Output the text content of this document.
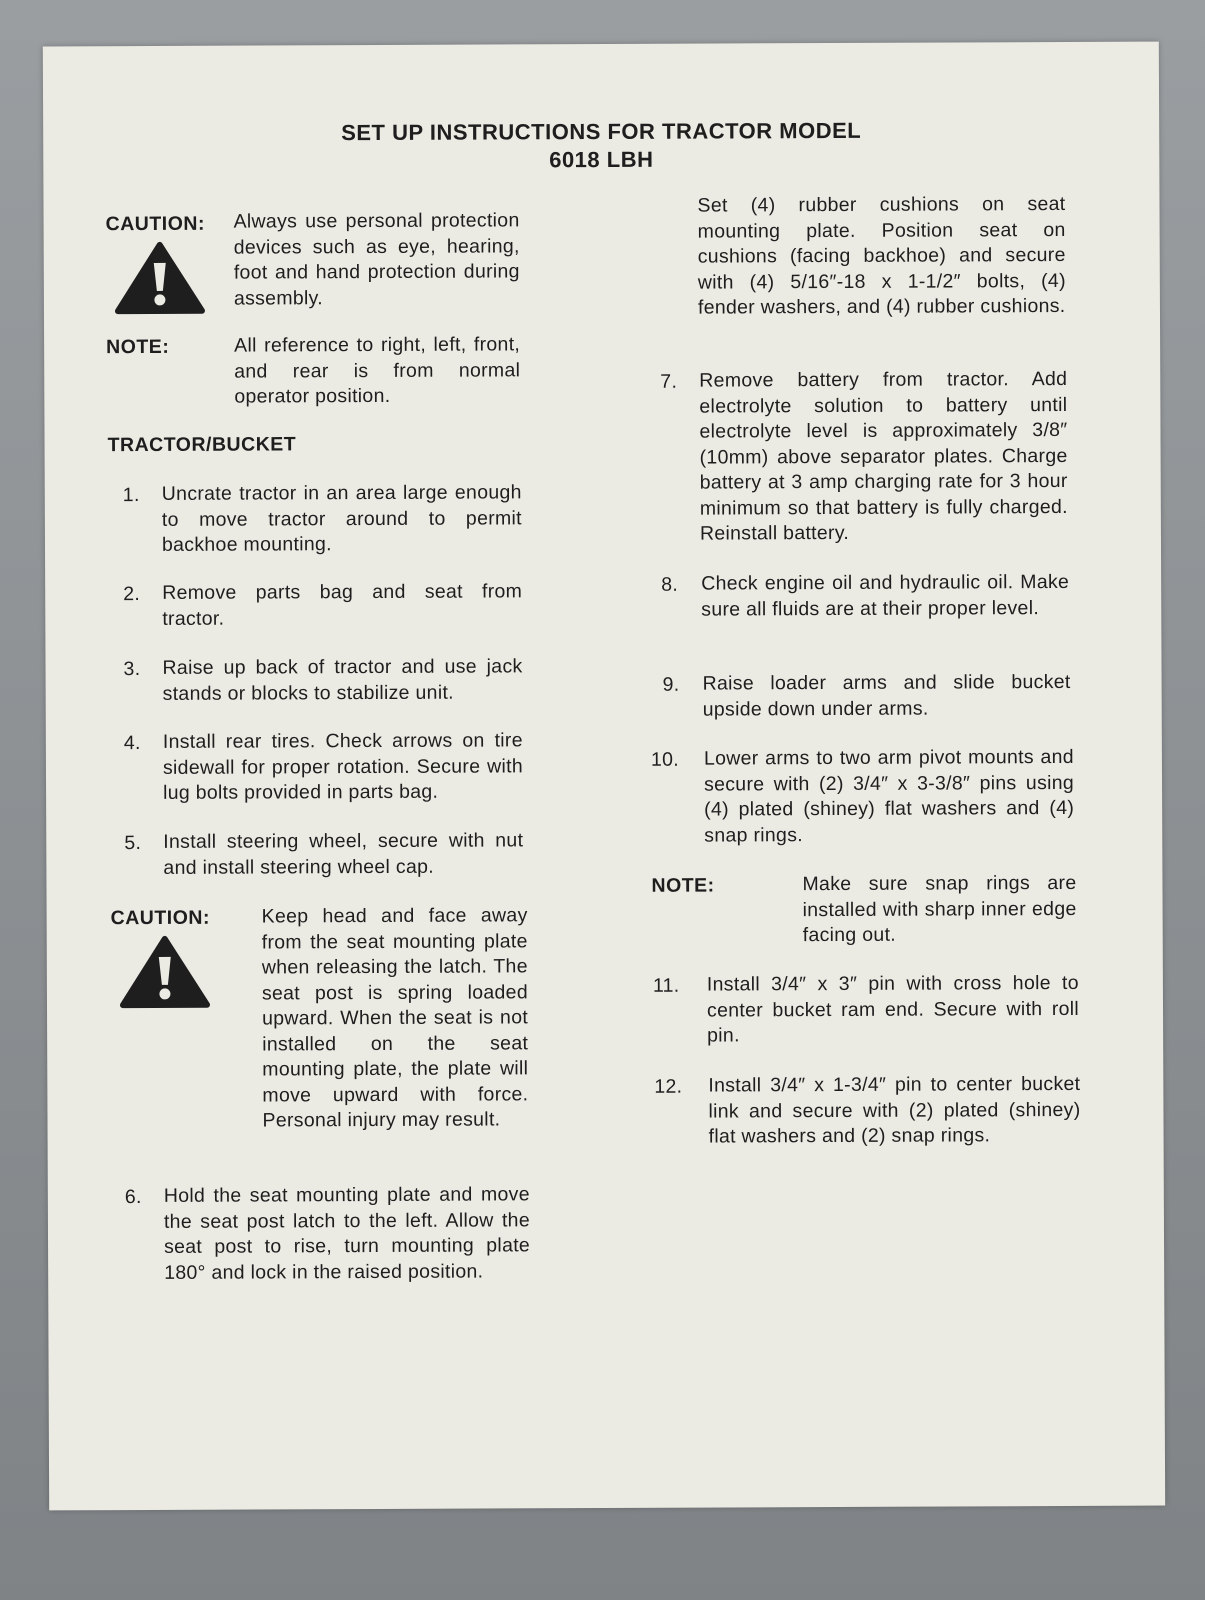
SET UP INSTRUCTIONS FOR TRACTOR MODEL
6018 LBH
CAUTION: Always use personal protection devices such as eye, hearing, foot and hand protection during assembly.
NOTE:	All reference to right, left, front, and rear is from normal operator position.
TRACTOR/BUCKET
1. Uncrate tractor in an area large enough to move tractor around to permit backhoe mounting.
2. Remove parts bag and seat from tractor.
3. Raise up back of tractor and use jack stands or blocks to stabilize unit.
4. Install rear tires. Check arrows on tire sidewall for proper rotation. Secure with lug bolts provided in parts bag.
5. Install steering wheel, secure with nut and install steering wheel cap.
CAUTION:	Keep head and face away from the seat mounting plate when releasing the latch. The seat post is spring loaded upward. When the seat is not installed on the seat mounting plate, the plate will move upward with force. Personal injury may result.
6. Hold the seat mounting plate and move the seat post latch to the left. Allow the seat post to rise, turn mounting plate 180° and lock in the raised position.
Set (4) rubber cushions on seat mounting plate. Position seat on cushions (facing backhoe) and secure with (4) 5/16″-18 x 1-1/2″ bolts, (4) fender washers, and (4) rubber cushions.
7. Remove battery from tractor. Add electrolyte solution to battery until electrolyte level is approximately 3/8″ (10mm) above separator plates. Charge battery at 3 amp charging rate for 3 hour minimum so that battery is fully charged. Reinstall battery.
8. Check engine oil and hydraulic oil. Make sure all fluids are at their proper level.
9. Raise loader arms and slide bucket upside down under arms.
10. Lower arms to two arm pivot mounts and secure with (2) 3/4″ x 3-3/8″ pins using (4) plated (shiney) flat washers and (4) snap rings.
NOTE:	Make sure snap rings are installed with sharp inner edge facing out.
11. Install 3/4″ x 3″ pin with cross hole to center bucket ram end. Secure with roll pin.
12. Install 3/4″ x 1-3/4″ pin to center bucket link and secure with (2) plated (shiney) flat washers and (2) snap rings.
